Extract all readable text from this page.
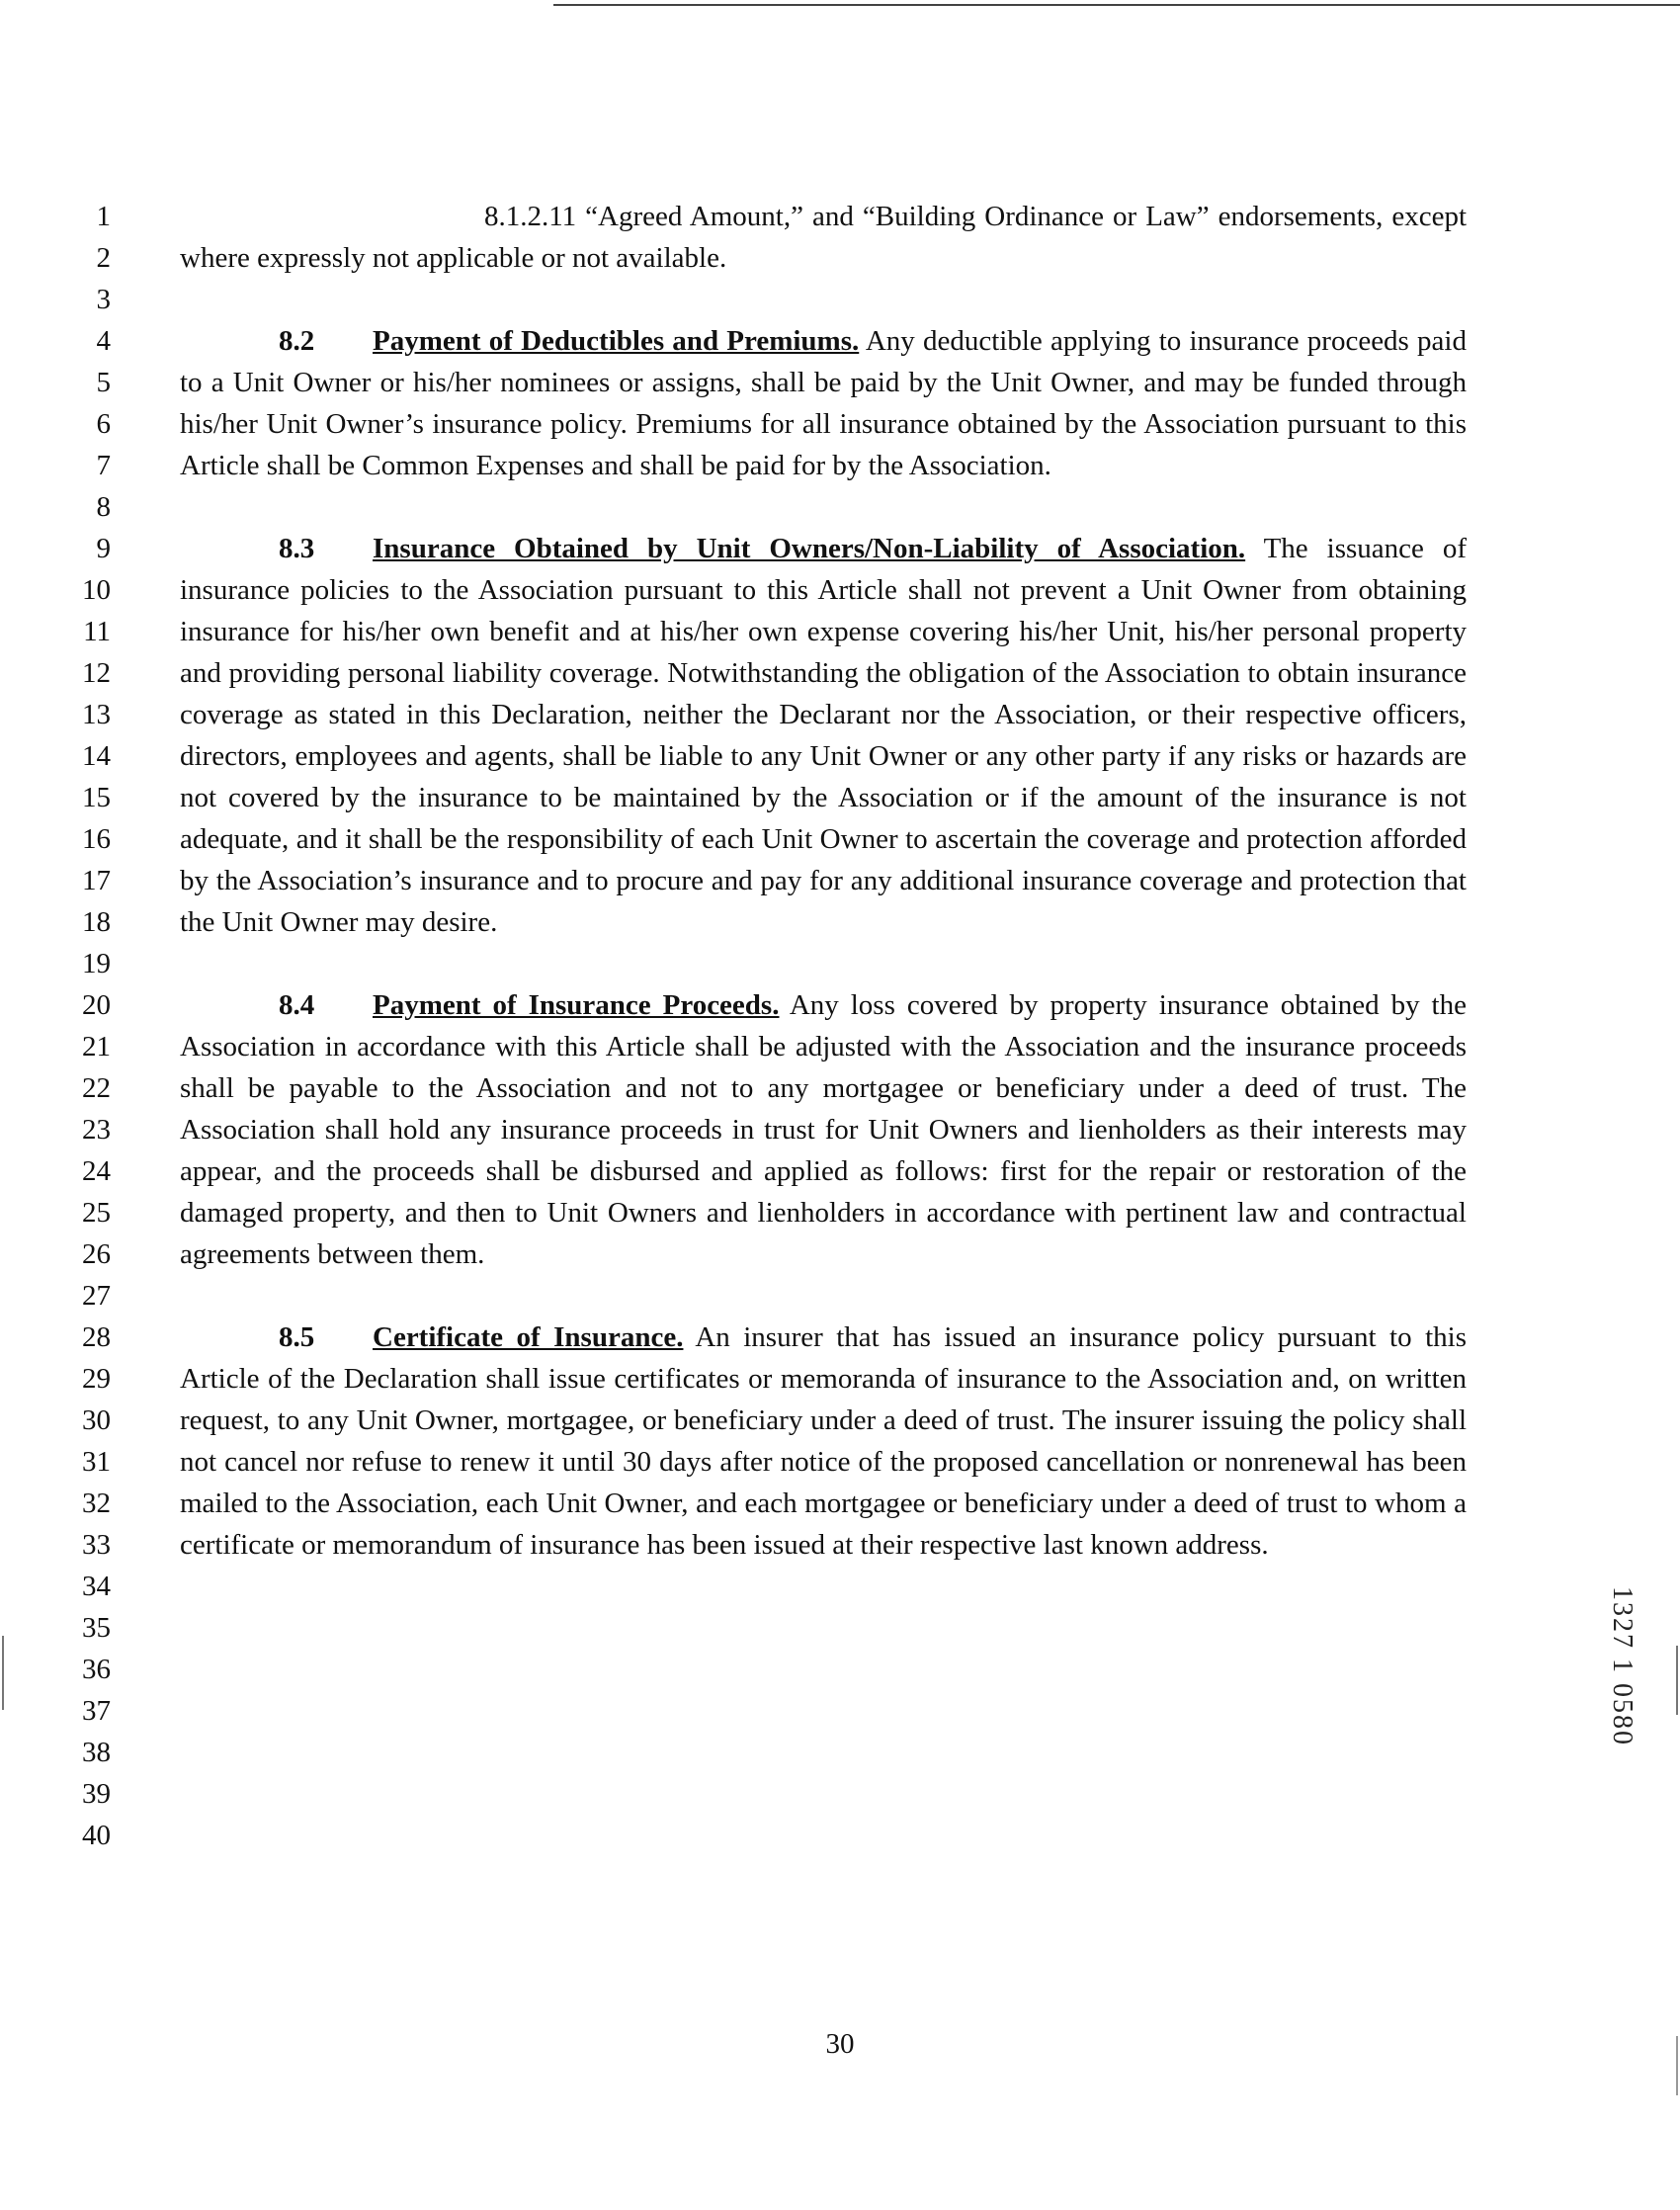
1
2
3
4
5
6
7
8
9
10
11
12
13
14
15
16
17
18
19
20
21
22
23
24
25
26
27
28
29
30
31
32
33
34
35
36
37
38
39
40

8.1.2.11 “Agreed Amount,” and “Building Ordinance or Law” endorsements, except where expressly not applicable or not available.

8.2 Payment of Deductibles and Premiums. Any deductible applying to insurance proceeds paid to a Unit Owner or his/her nominees or assigns, shall be paid by the Unit Owner, and may be funded through his/her Unit Owner’s insurance policy. Premiums for all insurance obtained by the Association pursuant to this Article shall be Common Expenses and shall be paid for by the Association.

8.3 Insurance Obtained by Unit Owners/Non-Liability of Association. The issuance of insurance policies to the Association pursuant to this Article shall not prevent a Unit Owner from obtaining insurance for his/her own benefit and at his/her own expense covering his/her Unit, his/her personal property and providing personal liability coverage. Notwithstanding the obligation of the Association to obtain insurance coverage as stated in this Declaration, neither the Declarant nor the Association, or their respective officers, directors, employees and agents, shall be liable to any Unit Owner or any other party if any risks or hazards are not covered by the insurance to be maintained by the Association or if the amount of the insurance is not adequate, and it shall be the responsibility of each Unit Owner to ascertain the coverage and protection afforded by the Association’s insurance and to procure and pay for any additional insurance coverage and protection that the Unit Owner may desire.

8.4 Payment of Insurance Proceeds. Any loss covered by property insurance obtained by the Association in accordance with this Article shall be adjusted with the Association and the insurance proceeds shall be payable to the Association and not to any mortgagee or beneficiary under a deed of trust. The Association shall hold any insurance proceeds in trust for Unit Owners and lienholders as their interests may appear, and the proceeds shall be disbursed and applied as follows: first for the repair or restoration of the damaged property, and then to Unit Owners and lienholders in accordance with pertinent law and contractual agreements between them.

8.5 Certificate of Insurance. An insurer that has issued an insurance policy pursuant to this Article of the Declaration shall issue certificates or memoranda of insurance to the Association and, on written request, to any Unit Owner, mortgagee, or beneficiary under a deed of trust. The insurer issuing the policy shall not cancel nor refuse to renew it until 30 days after notice of the proposed cancellation or nonrenewal has been mailed to the Association, each Unit Owner, and each mortgagee or beneficiary under a deed of trust to whom a certificate or memorandum of insurance has been issued at their respective last known address.

1327 1 0580
30
